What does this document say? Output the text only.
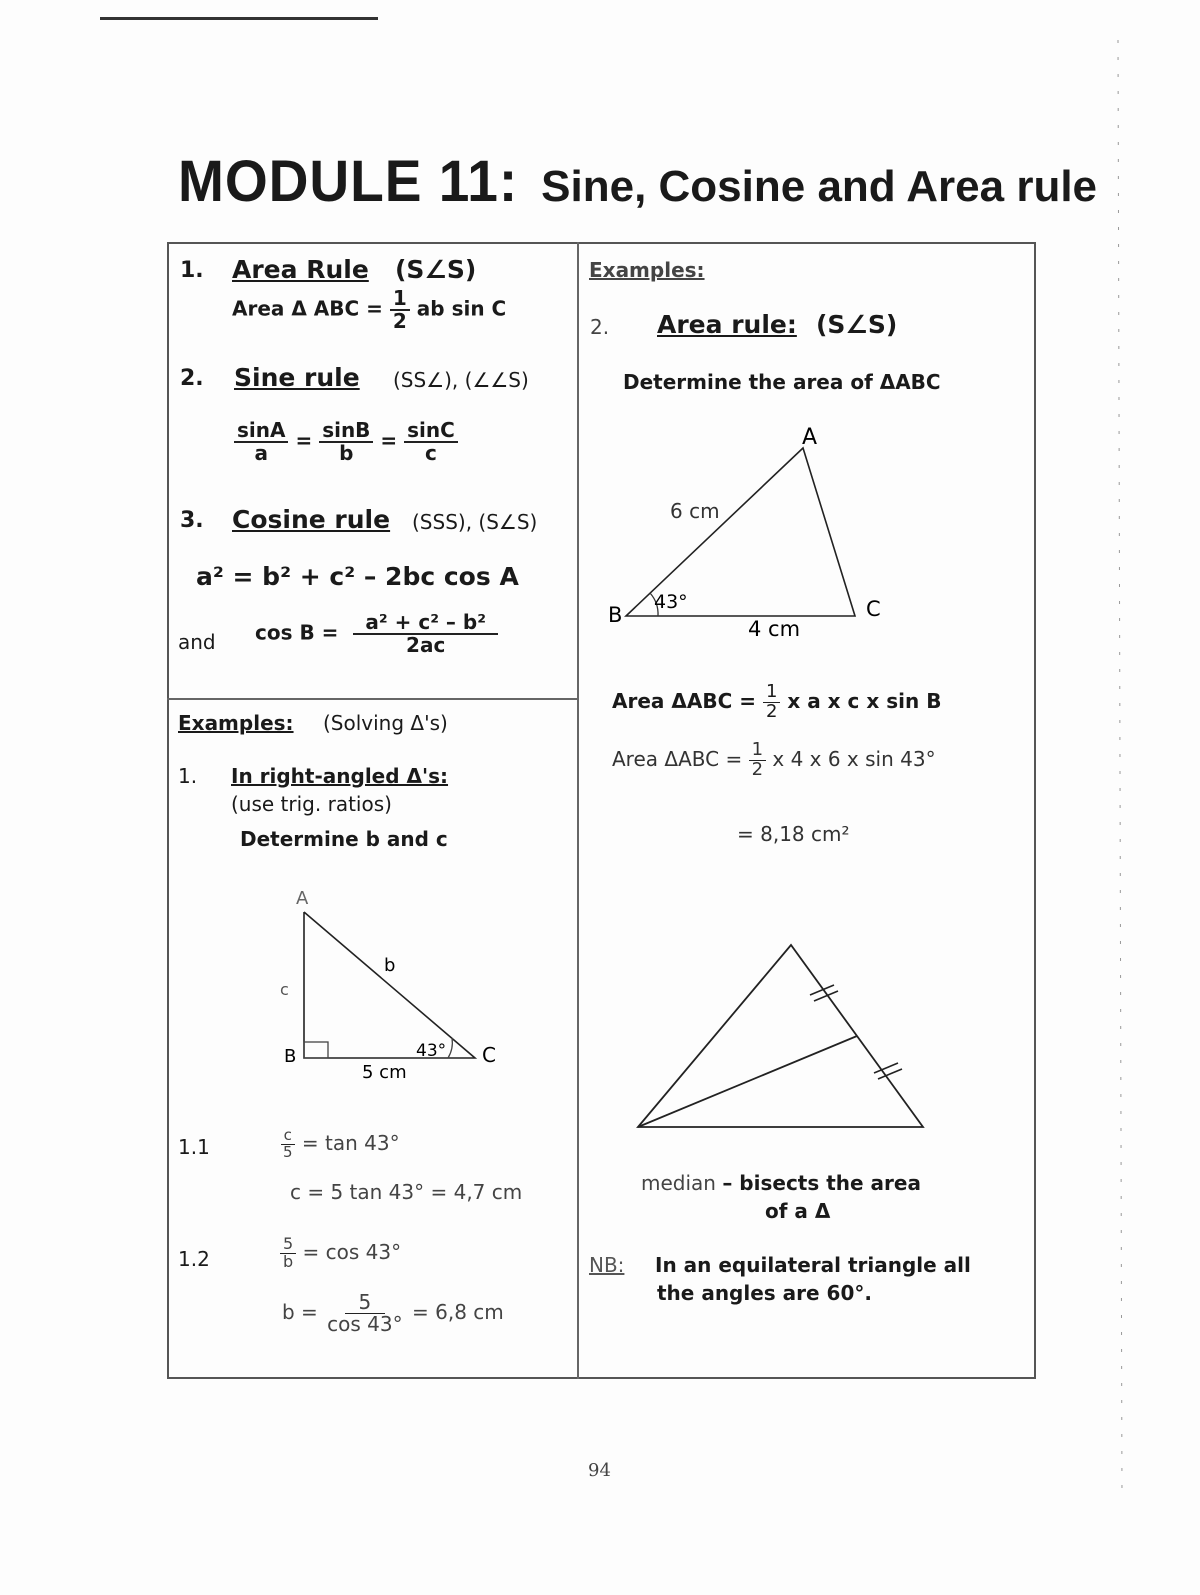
MODULE 11: Sine, Cosine and Area rule
1. Area Rule (S∠S)
Area Δ ABC = $\frac{1}{2}$ ab sin C
2. Sine rule (SS∠), (∠∠S)
$\frac{\sin A}{a} = \frac{\sin B}{b} = \frac{\sin C}{c}$
3. Cosine rule (SSS), (S∠S)
a² = b² + c² – 2bc cos A
and $\cos B = \frac{\text{a² + c² – b²}}{2ac}$
Examples: (Solving Δ's)
1. In right-angled Δ's:
(use trig. ratios)
Determine b and c
A
B	C
c
b
43°
5 cm
1.1	$\frac{c}{5} = \tan 43^\circ$
c = 5 tan 43° = 4,7 cm
1.2	$\frac{5}{b} = \cos 43^\circ$
$b = \frac{5}{\cos 43^\circ} = 6,8$ cm
Examples:
2. Area rule: (S∠S)
Determine the area of ΔABC
A
B	C
6 cm
43°
4 cm
Area $\Delta ABC = \frac{1}{2}$ x a x c x sin B
Area $\Delta ABC = \frac{1}{2}$ x 4 x 6 x sin 43°
= 8,18 cm²
median – bisects the area
of a Δ
NB: In an equilateral triangle all
the angles are 60°.
94
